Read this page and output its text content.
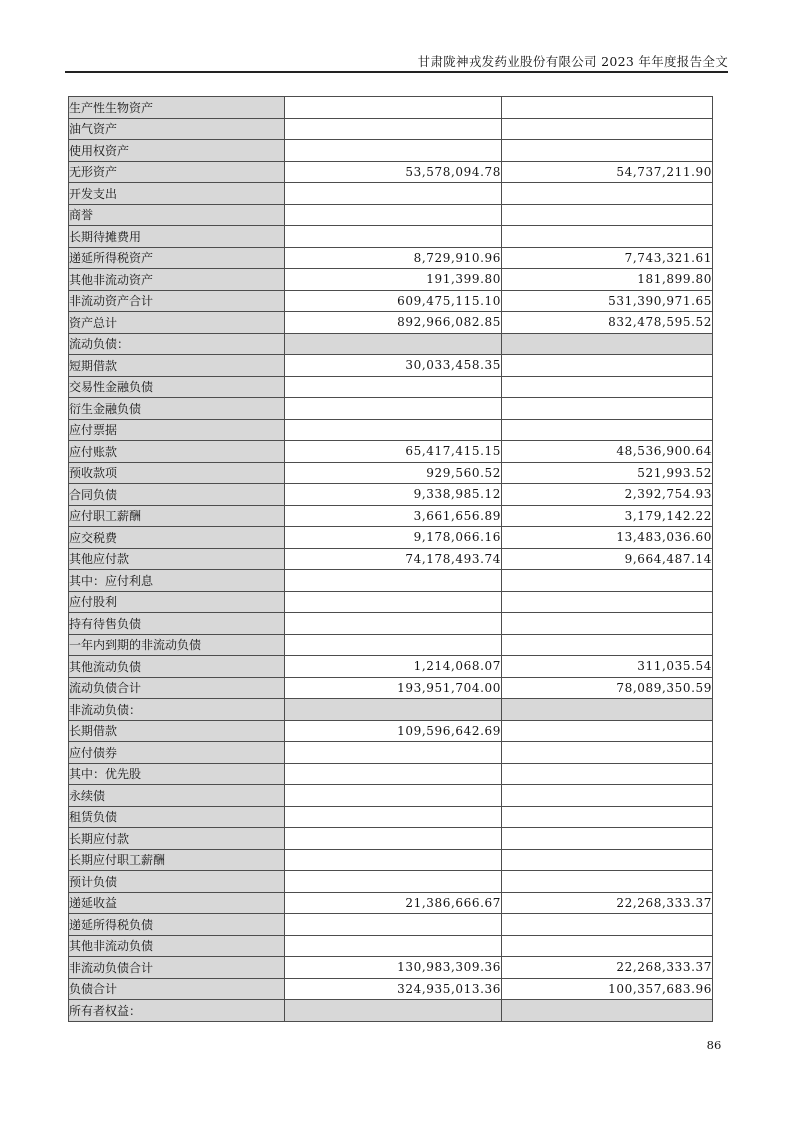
甘肃陇神戎发药业股份有限公司 2023 年年度报告全文
生产性生物资产		
油气资产		
使用权资产		
无形资产	53,578,094.78	54,737,211.90
开发支出		
商誉		
长期待摊费用		
递延所得税资产	8,729,910.96	7,743,321.61
其他非流动资产	191,399.80	181,899.80
非流动资产合计	609,475,115.10	531,390,971.65
资产总计	892,966,082.85	832,478,595.52
流动负债：		
短期借款	30,033,458.35	
交易性金融负债		
衍生金融负债		
应付票据		
应付账款	65,417,415.15	48,536,900.64
预收款项	929,560.52	521,993.52
合同负债	9,338,985.12	2,392,754.93
应付职工薪酬	3,661,656.89	3,179,142.22
应交税费	9,178,066.16	13,483,036.60
其他应付款	74,178,493.74	9,664,487.14
其中：应付利息		
应付股利		
持有待售负债		
一年内到期的非流动负债		
其他流动负债	1,214,068.07	311,035.54
流动负债合计	193,951,704.00	78,089,350.59
非流动负债：		
长期借款	109,596,642.69	
应付债券		
其中：优先股		
永续债		
租赁负债		
长期应付款		
长期应付职工薪酬		
预计负债		
递延收益	21,386,666.67	22,268,333.37
递延所得税负债		
其他非流动负债		
非流动负债合计	130,983,309.36	22,268,333.37
负债合计	324,935,013.36	100,357,683.96
所有者权益：		
86
